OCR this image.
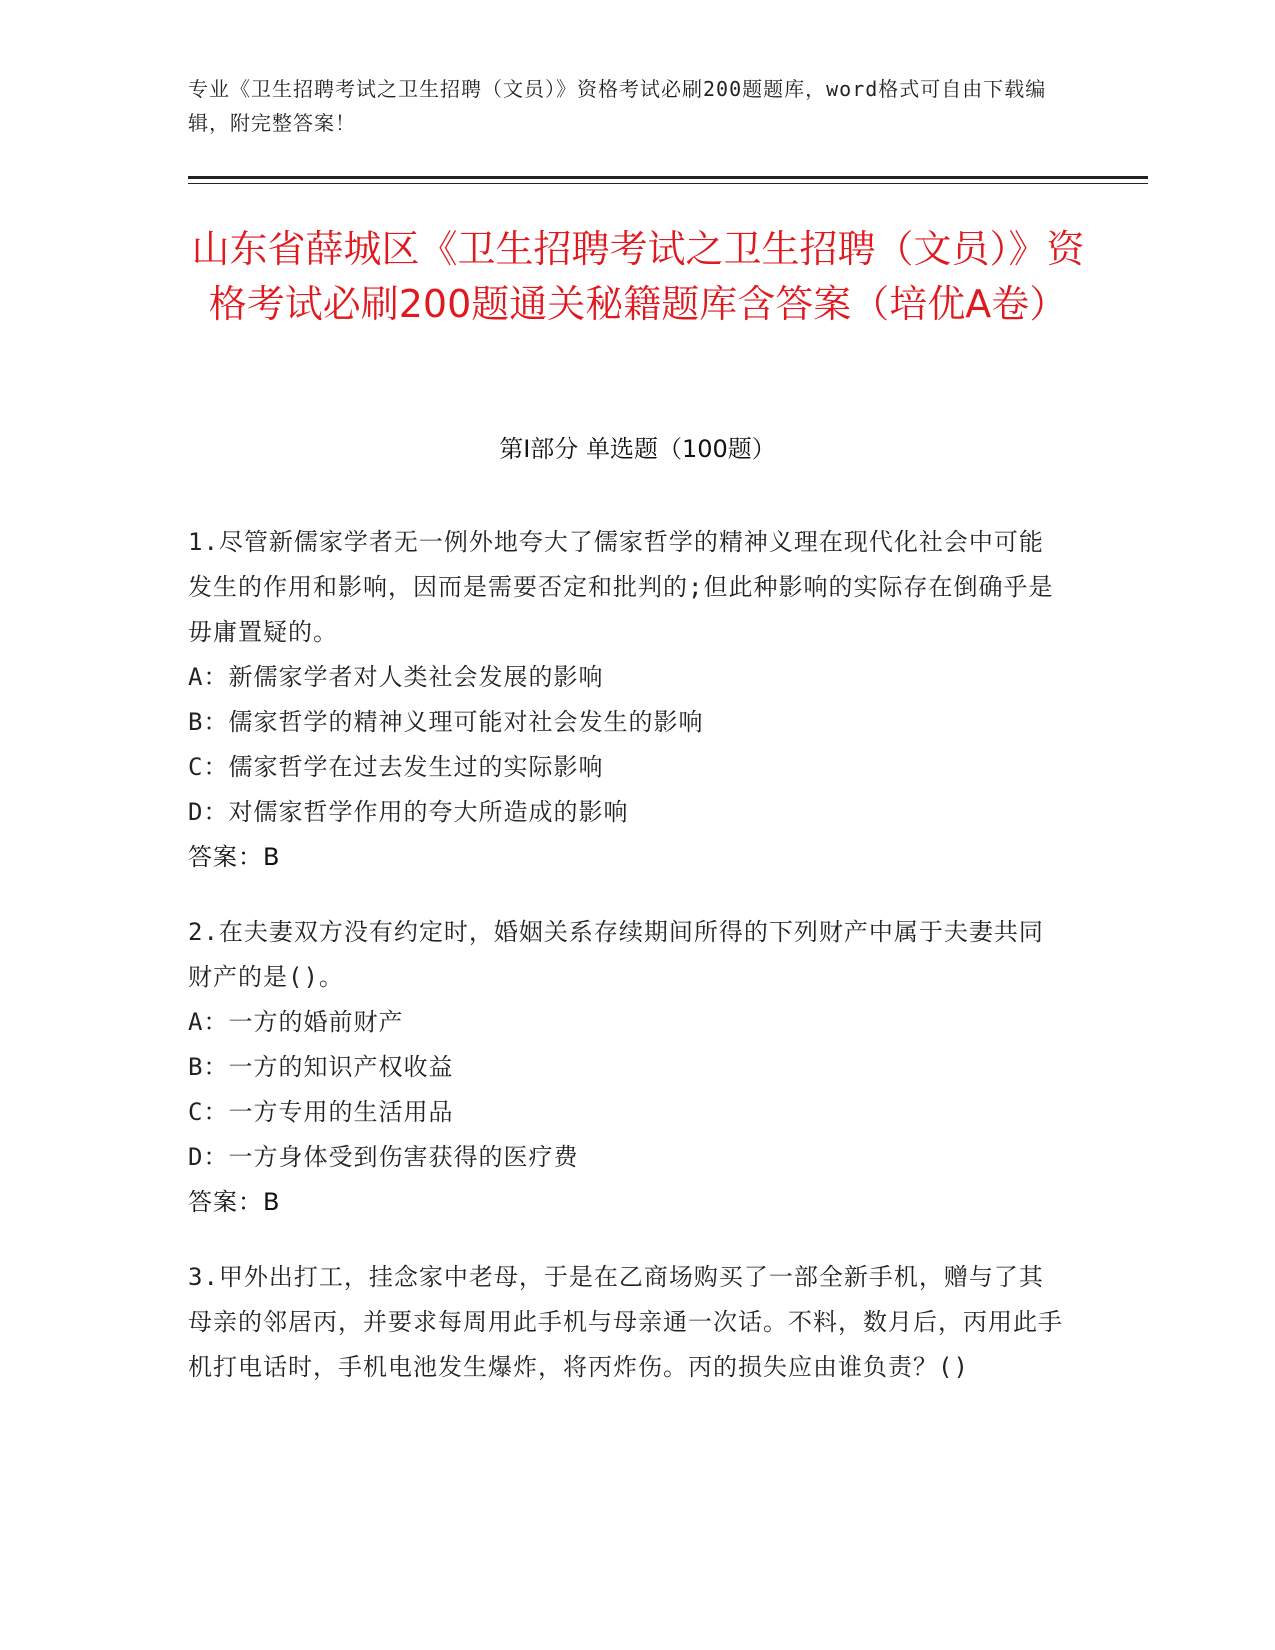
专业《卫生招聘考试之卫生招聘（文员）》资格考试必刷200题题库，word格式可自由下载编辑，附完整答案！
山东省薛城区《卫生招聘考试之卫生招聘（文员）》资格考试必刷200题通关秘籍题库含答案（培优A卷）
第Ⅰ部分 单选题（100题）

1.尽管新儒家学者无一例外地夸大了儒家哲学的精神义理在现代化社会中可能发生的作用和影响，因而是需要否定和批判的;但此种影响的实际存在倒确乎是毋庸置疑的。

A：新儒家学者对人类社会发展的影响

B：儒家哲学的精神义理可能对社会发生的影响

C：儒家哲学在过去发生过的实际影响

D：对儒家哲学作用的夸大所造成的影响

答案：B

2.在夫妻双方没有约定时，婚姻关系存续期间所得的下列财产中属于夫妻共同财产的是()。

A：一方的婚前财产

B：一方的知识产权收益

C：一方专用的生活用品

D：一方身体受到伤害获得的医疗费

答案：B

3.甲外出打工，挂念家中老母，于是在乙商场购买了一部全新手机，赠与了其母亲的邻居丙，并要求每周用此手机与母亲通一次话。不料，数月后，丙用此手机打电话时，手机电池发生爆炸，将丙炸伤。丙的损失应由谁负责？()
